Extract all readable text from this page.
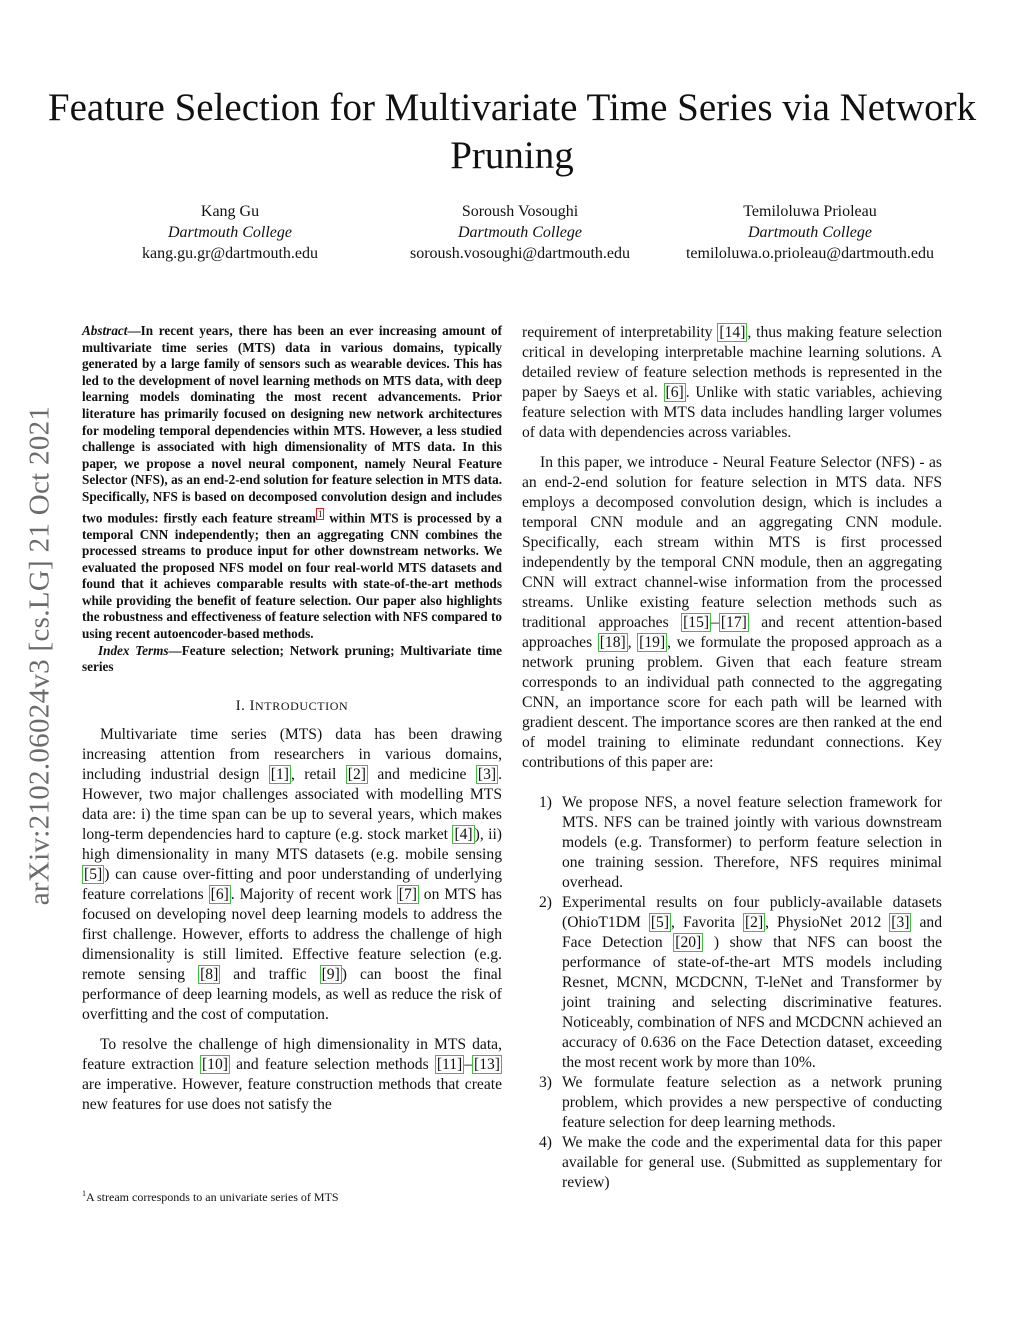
arXiv:2102.06024v3 [cs.LG] 21 Oct 2021
Feature Selection for Multivariate Time Series via Network Pruning
Kang Gu
Dartmouth College
kang.gu.gr@dartmouth.edu
Soroush Vosoughi
Dartmouth College
soroush.vosoughi@dartmouth.edu
Temiloluwa Prioleau
Dartmouth College
temiloluwa.o.prioleau@dartmouth.edu

Abstract—In recent years, there has been an ever increasing amount of multivariate time series (MTS) data in various domains, typically generated by a large family of sensors such as wearable devices. This has led to the development of novel learning methods on MTS data, with deep learning models dominating the most recent advancements. Prior literature has primarily focused on designing new network architectures for modeling temporal dependencies within MTS. However, a less studied challenge is associated with high dimensionality of MTS data. In this paper, we propose a novel neural component, namely Neural Feature Selector (NFS), as an end-2-end solution for feature selection in MTS data. Specifically, NFS is based on decomposed convolution design and includes two modules: firstly each feature stream $^1$ within MTS is processed by a temporal CNN independently; then an aggregating CNN combines the processed streams to produce input for other downstream networks. We evaluated the proposed NFS model on four real-world MTS datasets and found that it achieves comparable results with state-of-the-art methods while providing the benefit of feature selection. Our paper also highlights the robustness and effectiveness of feature selection with NFS compared to using recent autoencoder-based methods.

Index Terms—Feature selection; Network pruning; Multivariate time series

I. INTRODUCTION

Multivariate time series (MTS) data has been drawing increasing attention from researchers in various domains, including industrial design [1] , retail [2] and medicine [3] . However, two major challenges associated with modelling MTS data are: i) the time span can be up to several years, which makes long-term dependencies hard to capture (e.g. stock market [4] ), ii) high dimensionality in many MTS datasets (e.g. mobile sensing [5] ) can cause over-fitting and poor understanding of underlying feature correlations [6] . Majority of recent work [7] on MTS has focused on developing novel deep learning models to address the first challenge. However, efforts to address the challenge of high dimensionality is still limited. Effective feature selection (e.g. remote sensing [8] and traffic [9] ) can boost the final performance of deep learning models, as well as reduce the risk of overfitting and the cost of computation.

To resolve the challenge of high dimensionality in MTS data, feature extraction [10] and feature selection methods [11] – [13] are imperative. However, feature construction methods that create new features for use does not satisfy the

$^1$A stream corresponds to an univariate series of MTS

requirement of interpretability [14] , thus making feature selection critical in developing interpretable machine learning solutions. A detailed review of feature selection methods is represented in the paper by Saeys et al. [6] . Unlike with static variables, achieving feature selection with MTS data includes handling larger volumes of data with dependencies across variables.

In this paper, we introduce - Neural Feature Selector (NFS) - as an end-2-end solution for feature selection in MTS data. NFS employs a decomposed convolution design, which is includes a temporal CNN module and an aggregating CNN module. Specifically, each stream within MTS is first processed independently by the temporal CNN module, then an aggregating CNN will extract channel-wise information from the processed streams. Unlike existing feature selection methods such as traditional approaches [15] – [17] and recent attention-based approaches [18] , [19] , we formulate the proposed approach as a network pruning problem. Given that each feature stream corresponds to an individual path connected to the aggregating CNN, an importance score for each path will be learned with gradient descent. The importance scores are then ranked at the end of model training to eliminate redundant connections. Key contributions of this paper are:

1) We propose NFS, a novel feature selection framework for MTS. NFS can be trained jointly with various downstream models (e.g. Transformer) to perform feature selection in one training session. Therefore, NFS requires minimal overhead.
2) Experimental results on four publicly-available datasets (OhioT1DM [5] , Favorita [2] , PhysioNet 2012 [3] and Face Detection [20] ) show that NFS can boost the performance of state-of-the-art MTS models including Resnet, MCNN, MCDCNN, T-leNet and Transformer by joint training and selecting discriminative features. Noticeably, combination of NFS and MCDCNN achieved an accuracy of 0.636 on the Face Detection dataset, exceeding the most recent work by more than 10%.
3) We formulate feature selection as a network pruning problem, which provides a new perspective of conducting feature selection for deep learning methods.
4) We make the code and the experimental data for this paper available for general use. (Submitted as supplementary for review)
